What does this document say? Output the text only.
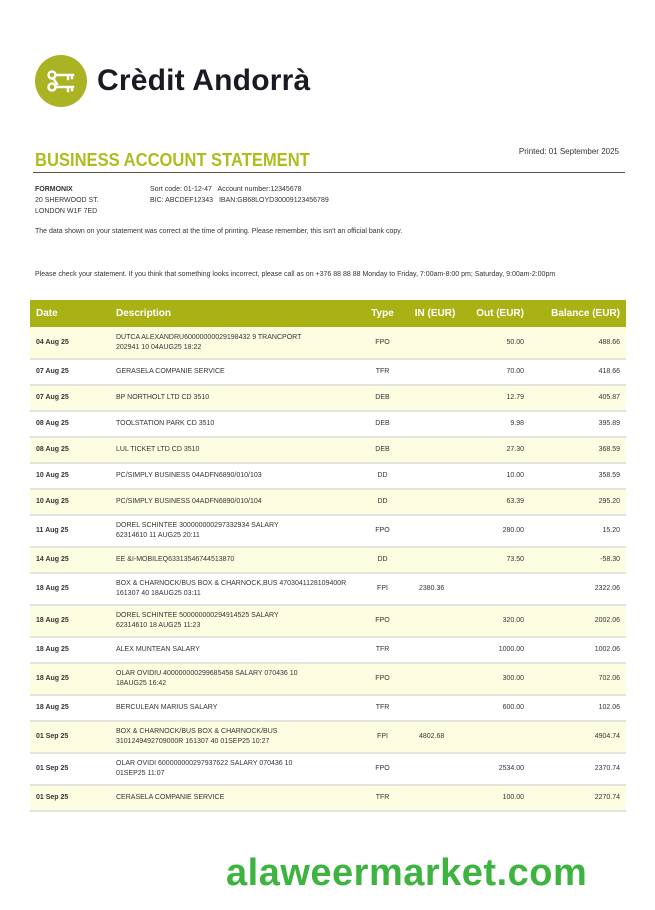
Crèdit Andorrà
BUSINESS ACCOUNT STATEMENT	Printed: 01 September 2025
FORMONIX
20 SHERWOOD ST.
LONDON W1F 7ED
Sort code: 01-12-47 Account number:12345678
BIC: ABCDEF12343 IBAN:GB68LOYD30009123456789
The data shown on your statement was correct at the time of printing. Please remember, this isn't an official bank copy.
Please check your statement. If you think that something looks incorrect, please call as on +376 88 88 88 Monday to Friday, 7:00am-8:00 pm; Saturday, 9:00am-2:00pm
Date	Description	Type	IN (EUR)	Out (EUR)	Balance (EUR)
04 Aug 25	DUTCA ALEXANDRU60000000029198432 9 TRANCPORT
202941 10 04AUG25 18:22	FPO		50.00	488.66
07 Aug 25	GERASELA COMPANIE SERVICE	TFR		70.00	418.66
07 Aug 25	BP NORTHOLT LTD CD 3510	DEB		12.79	405.87
08 Aug 25	TOOLSTATION PARK CD 3510	DEB		9.98	395.89
08 Aug 25	LUL TICKET LTD CD 3510	DEB		27.30	368.59
10 Aug 25	PC/SIMPLY BUSINESS 04ADFN6890/010/103	DD		10.00	358.59
10 Aug 25	PC/SIMPLY BUSINESS 04ADFN6890/010/104	DD		63.39	295.20
11 Aug 25	DOREL SCHINTEE 300000000297332934 SALARY
62314610 11 AUG25 20:11	FPO		280.00	15.20
14 Aug 25	EE &I-MOBILEQ63313546744513870	DD		73.50	-58.30
18 Aug 25	BOX & CHARNOCK/BUS BOX & CHARNOCK,BUS 4703041128109400R
161307 40 18AUG25 03:11	FPI	2380.36		2322.06
18 Aug 25	DOREL SCHINTEE 500000000294914525 SALARY
62314610 18 AUG25 11:23	FPO		320.00	2002.06
18 Aug 25	ALEX MUNTEAN SALARY	TFR		1000.00	1002.06
18 Aug 25	OLAR OVIDIU 400000000299685458 SALARY 070436 10
18AUG25 16:42	FPO		300.00	702.06
18 Aug 25	BERCULEAN MARIUS SALARY	TFR		600.00	102.06
01 Sep 25	BOX & CHARNOCK/BUS BOX & CHARNOCK/BUS
3101249492709000R 161307 40 01SEP25 10:27	FPI	4802.68		4904.74
01 Sep 25	OLAR OVIDI 600000000297937622 SALARY 070436 10
01SEP25 11:07	FPO		2534.00	2370.74
01 Sep 25	CERASELA COMPANIE SERVICE	TFR		100.00	2270.74
alaweermarket.com
